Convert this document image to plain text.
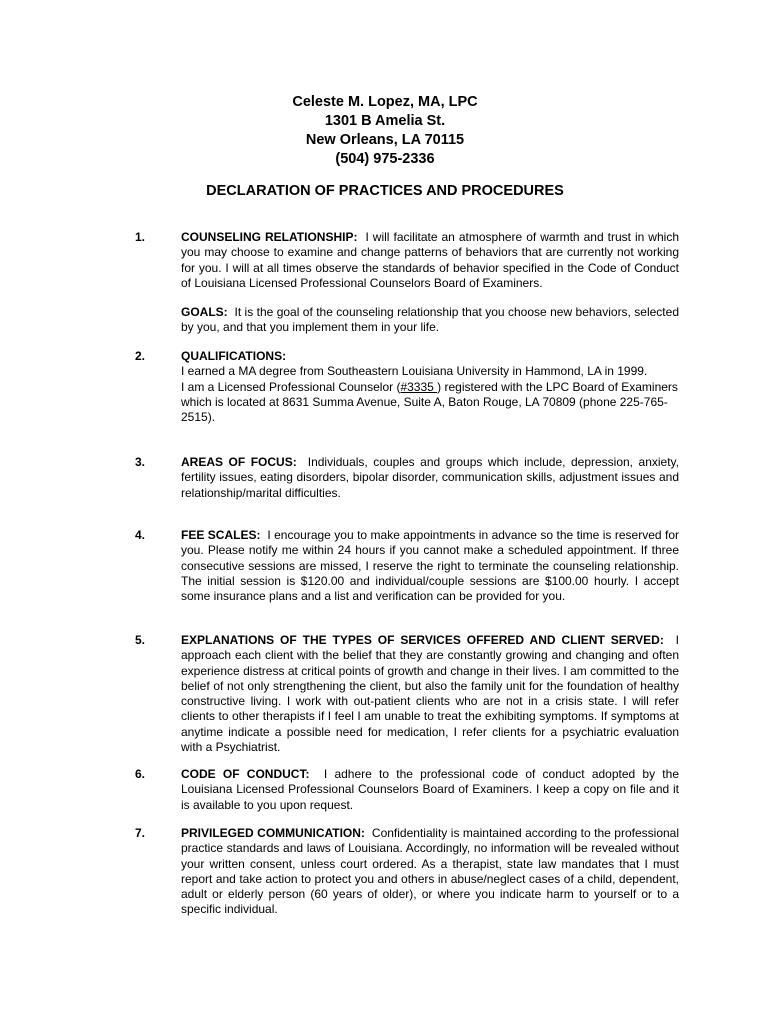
Celeste M. Lopez, MA, LPC
1301 B Amelia St.
New Orleans, LA 70115
(504) 975-2336
DECLARATION OF PRACTICES AND PROCEDURES
1.	COUNSELING RELATIONSHIP: I will facilitate an atmosphere of warmth and trust in which you may choose to examine and change patterns of behaviors that are currently not working for you. I will at all times observe the standards of behavior specified in the Code of Conduct of Louisiana Licensed Professional Counselors Board of Examiners.

GOALS: It is the goal of the counseling relationship that you choose new behaviors, selected by you, and that you implement them in your life.

2.	QUALIFICATIONS:
I earned a MA degree from Southeastern Louisiana University in Hammond, LA in 1999.
I am a Licensed Professional Counselor (#3335 ) registered with the LPC Board of Examiners which is located at 8631 Summa Avenue, Suite A, Baton Rouge, LA 70809 (phone 225-765-2515).
3.	AREAS OF FOCUS: Individuals, couples and groups which include, depression, anxiety, fertility issues, eating disorders, bipolar disorder, communication skills, adjustment issues and relationship/marital difficulties.

4.	FEE SCALES: I encourage you to make appointments in advance so the time is reserved for you. Please notify me within 24 hours if you cannot make a scheduled appointment. If three consecutive sessions are missed, I reserve the right to terminate the counseling relationship. The initial session is $120.00 and individual/couple sessions are $100.00 hourly. I accept some insurance plans and a list and verification can be provided for you.

5.	EXPLANATIONS OF THE TYPES OF SERVICES OFFERED AND CLIENT SERVED: I approach each client with the belief that they are constantly growing and changing and often experience distress at critical points of growth and change in their lives. I am committed to the belief of not only strengthening the client, but also the family unit for the foundation of healthy constructive living. I work with out-patient clients who are not in a crisis state. I will refer clients to other therapists if I feel I am unable to treat the exhibiting symptoms. If symptoms at anytime indicate a possible need for medication, I refer clients for a psychiatric evaluation with a Psychiatrist.

6.	CODE OF CONDUCT: I adhere to the professional code of conduct adopted by the Louisiana Licensed Professional Counselors Board of Examiners. I keep a copy on file and it is available to you upon request.

7.	PRIVILEGED COMMUNICATION: Confidentiality is maintained according to the professional practice standards and laws of Louisiana. Accordingly, no information will be revealed without your written consent, unless court ordered. As a therapist, state law mandates that I must report and take action to protect you and others in abuse/neglect cases of a child, dependent, adult or elderly person (60 years of older), or where you indicate harm to yourself or to a specific individual.
